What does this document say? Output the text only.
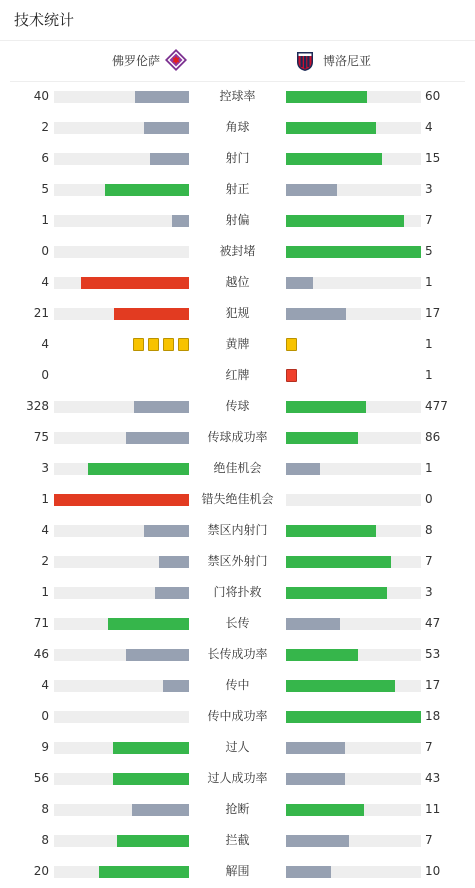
技术统计
佛罗伦萨	博洛尼亚
40	控球率	60
2	角球	4
6	射门	15
5	射正	3
1	射偏	7
0	被封堵	5
4	越位	1
21	犯规	17
4	黄牌	1
0	红牌	1
328	传球	477
75	传球成功率	86
3	绝佳机会	1
1	错失绝佳机会	0
4	禁区内射门	8
2	禁区外射门	7
1	门将扑救	3
71	长传	47
46	长传成功率	53
4	传中	17
0	传中成功率	18
9	过人	7
56	过人成功率	43
8	抢断	11
8	拦截	7
20	解围	10
